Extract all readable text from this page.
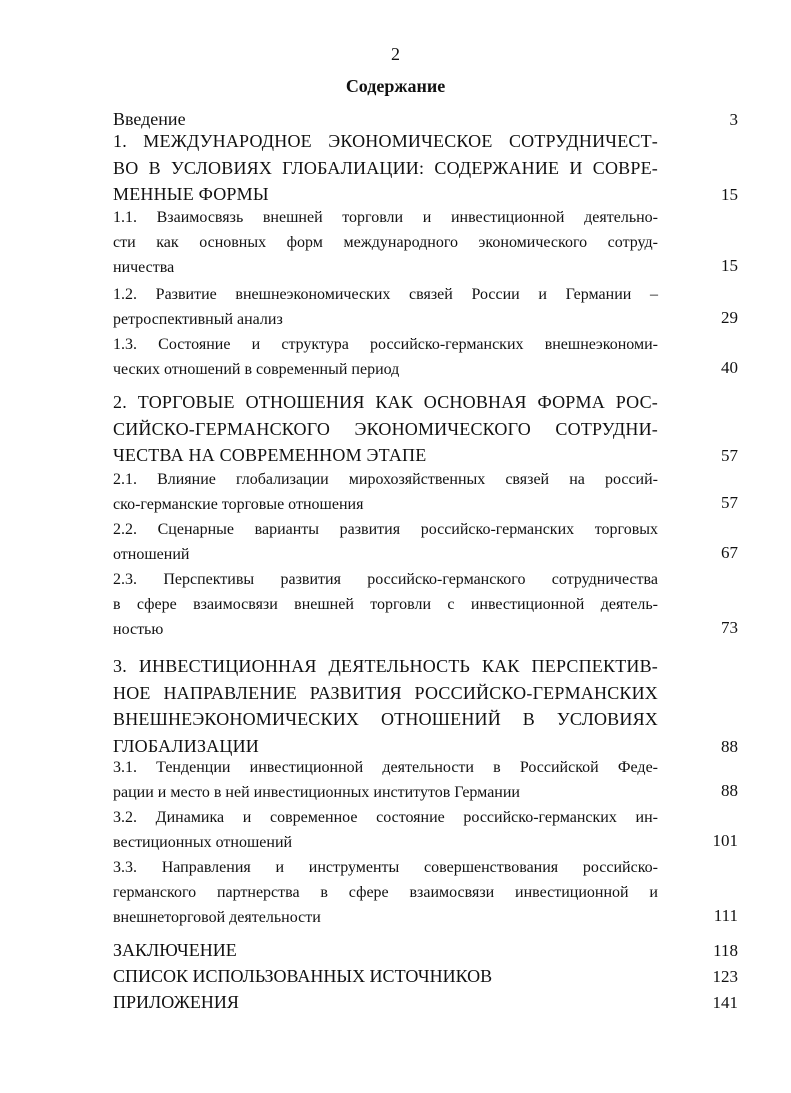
2
Содержание
Введение	3
1. МЕЖДУНАРОДНОЕ ЭКОНОМИЧЕСКОЕ СОТРУДНИЧЕСТ-
ВО В УСЛОВИЯХ ГЛОБАЛИАЦИИ: СОДЕРЖАНИЕ И СОВРЕ-
МЕННЫЕ ФОРМЫ	15
1.1. Взаимосвязь внешней торговли и инвестиционной деятельно-
сти как основных форм международного экономического сотруд-
ничества	15
1.2. Развитие внешнеэкономических связей России и Германии –
ретроспективный анализ	29
1.3. Состояние и структура российско-германских внешнеэкономи-
ческих отношений в современный период	40
2. ТОРГОВЫЕ ОТНОШЕНИЯ КАК ОСНОВНАЯ ФОРМА РОС-
СИЙСКО-ГЕРМАНСКОГО ЭКОНОМИЧЕСКОГО СОТРУДНИ-
ЧЕСТВА НА СОВРЕМЕННОМ ЭТАПЕ	57
2.1. Влияние глобализации мирохозяйственных связей на россий-
ско-германские торговые отношения	57
2.2. Сценарные варианты развития российско-германских торговых
отношений	67
2.3. Перспективы развития российско-германского сотрудничества
в сфере взаимосвязи внешней торговли с инвестиционной деятель-
ностью	73
3. ИНВЕСТИЦИОННАЯ ДЕЯТЕЛЬНОСТЬ КАК ПЕРСПЕКТИВ-
НОЕ НАПРАВЛЕНИЕ РАЗВИТИЯ РОССИЙСКО-ГЕРМАНСКИХ
ВНЕШНЕЭКОНОМИЧЕСКИХ ОТНОШЕНИЙ В УСЛОВИЯХ
ГЛОБАЛИЗАЦИИ	88
3.1. Тенденции инвестиционной деятельности в Российской Феде-
рации и место в ней инвестиционных институтов Германии	88
3.2. Динамика и современное состояние российско-германских ин-
вестиционных отношений	101
3.3. Направления и инструменты совершенствования российско-
германского партнерства в сфере взаимосвязи инвестиционной и
внешнеторговой деятельности	111
ЗАКЛЮЧЕНИЕ	118
СПИСОК ИСПОЛЬЗОВАННЫХ ИСТОЧНИКОВ	123
ПРИЛОЖЕНИЯ	141
